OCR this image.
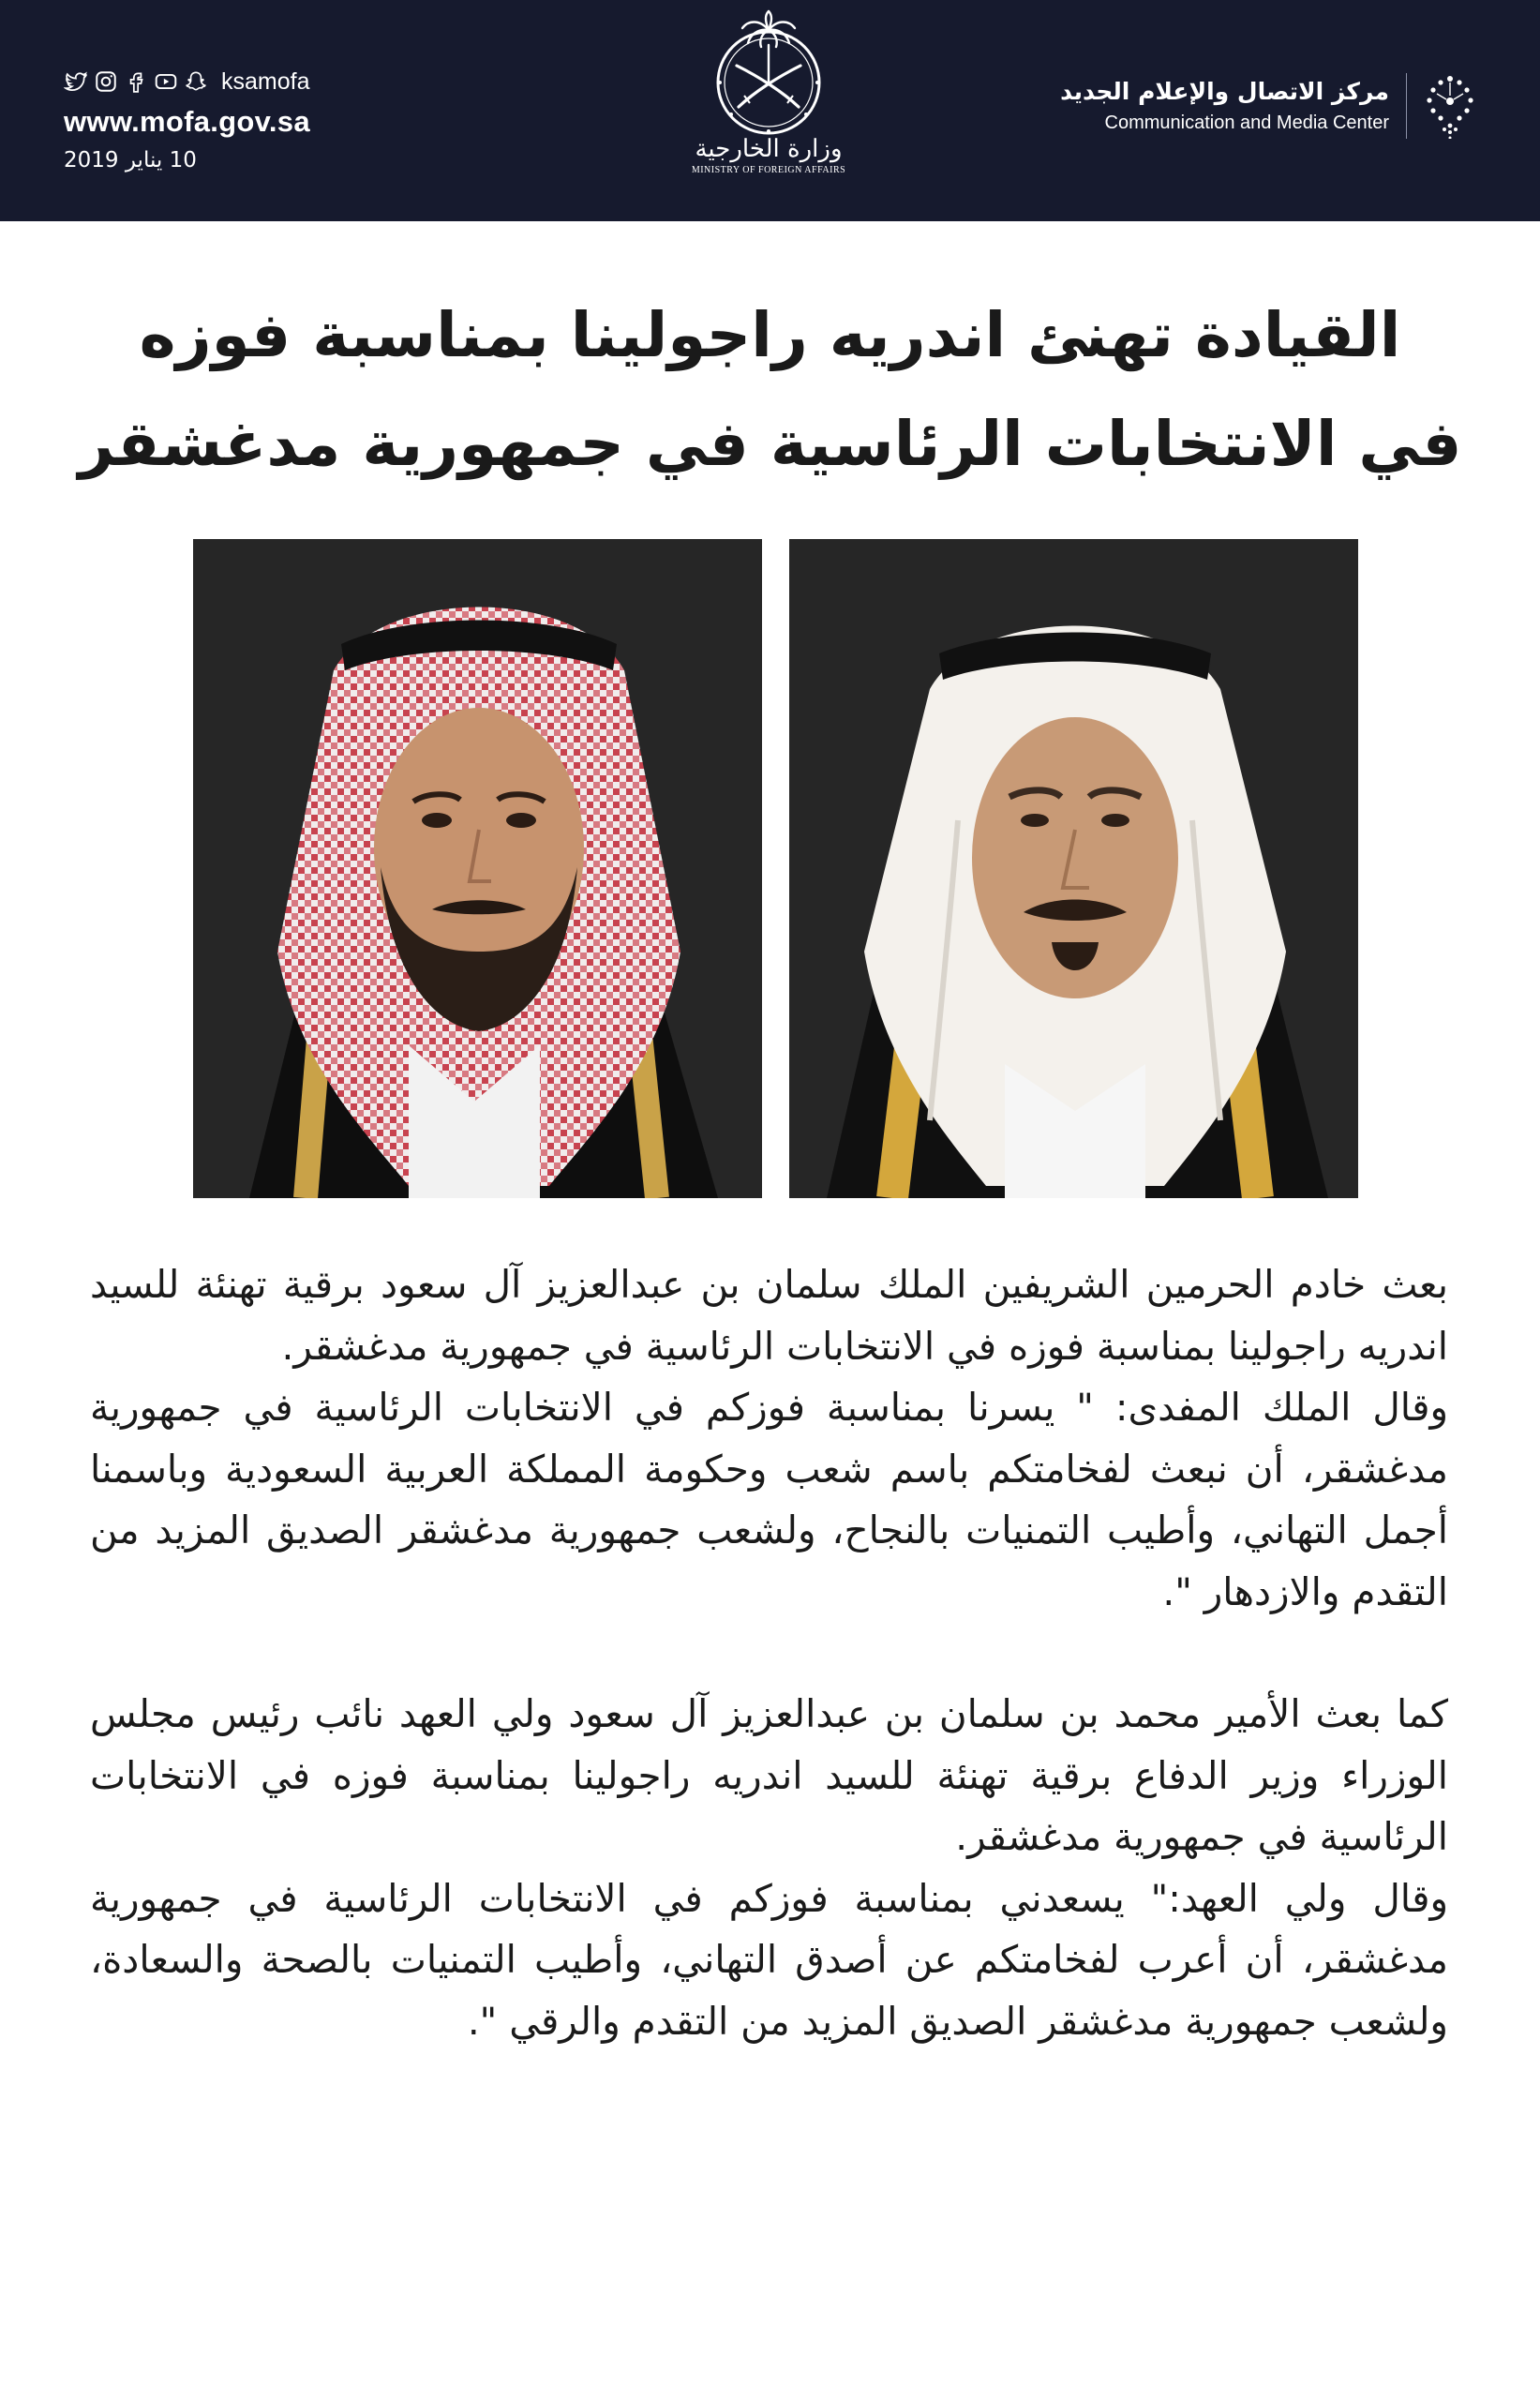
ksamofa
www.mofa.gov.sa
10 يناير 2019	وزارة الخارجية
MINISTRY OF FOREIGN AFFAIRS
مركز الاتصال والإعلام الجديد
Communication and Media Center
القيادة تهنئ اندريه راجولينا بمناسبة فوزه
في الانتخابات الرئاسية في جمهورية مدغشقر

بعث خادم الحرمين الشريفين الملك سلمان بن عبدالعزيز آل سعود برقية تهنئة للسيد اندريه راجولينا بمناسبة فوزه في الانتخابات الرئاسية في جمهورية مدغشقر.

وقال الملك المفدى: " يسرنا بمناسبة فوزكم في الانتخابات الرئاسية في جمهورية مدغشقر، أن نبعث لفخامتكم باسم شعب وحكومة المملكة العربية السعودية وباسمنا أجمل التهاني، وأطيب التمنيات بالنجاح، ولشعب جمهورية مدغشقر الصديق المزيد من التقدم والازدهار ".

كما بعث الأمير محمد بن سلمان بن عبدالعزيز آل سعود ولي العهد نائب رئيس مجلس الوزراء وزير الدفاع برقية تهنئة للسيد اندريه راجولينا بمناسبة فوزه في الانتخابات الرئاسية في جمهورية مدغشقر.

وقال ولي العهد:" يسعدني بمناسبة فوزكم في الانتخابات الرئاسية في جمهورية مدغشقر، أن أعرب لفخامتكم عن أصدق التهاني، وأطيب التمنيات بالصحة والسعادة، ولشعب جمهورية مدغشقر الصديق المزيد من التقدم والرقي ".
